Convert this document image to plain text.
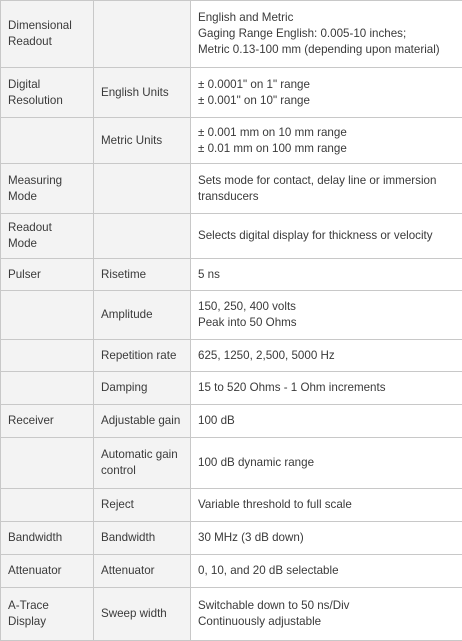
Dimensional
Readout		English and Metric
Gaging Range English: 0.005-10 inches;
Metric 0.13-100 mm (depending upon material)

Digital
Resolution	English Units	± 0.0001" on 1" range
± 0.001" on 10" range

	Metric Units	± 0.001 mm on 10 mm range
± 0.01 mm on 100 mm range

Measuring
Mode		Sets mode for contact, delay line or immersion
transducers

Readout
Mode		Selects digital display for thickness or velocity

Pulser	Risetime	5 ns

	Amplitude	150, 250, 400 volts
Peak into 50 Ohms

	Repetition rate	625, 1250, 2,500, 5000 Hz

	Damping	15 to 520 Ohms - 1 Ohm increments

Receiver	Adjustable gain	100 dB

	Automatic gain
control	100 dB dynamic range

	Reject	Variable threshold to full scale

Bandwidth	Bandwidth	30 MHz (3 dB down)

Attenuator	Attenuator	0, 10, and 20 dB selectable

A-Trace
Display	Sweep width	Switchable down to 50 ns/Div
Continuously adjustable
